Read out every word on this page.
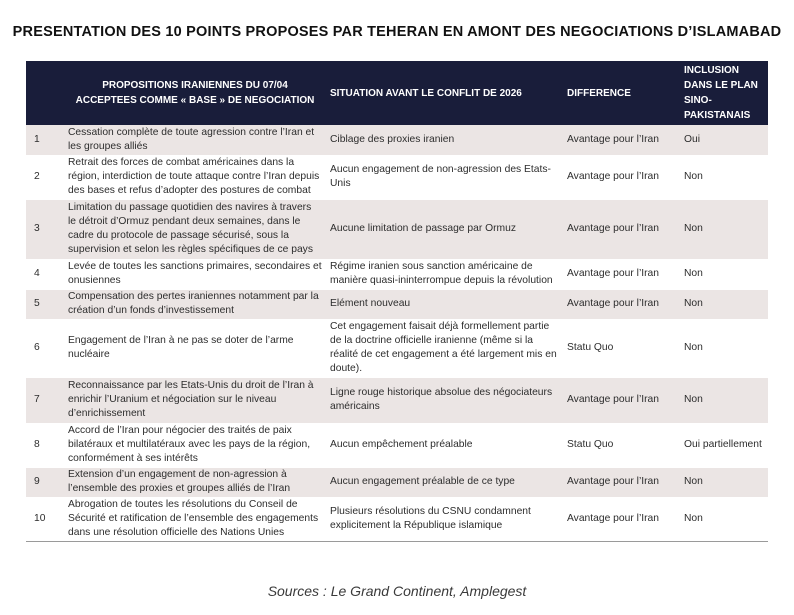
PRESENTATION DES 10 POINTS PROPOSES PAR TEHERAN EN AMONT DES NEGOCIATIONS D’ISLAMABAD
	PROPOSITIONS IRANIENNES DU 07/04 ACCEPTEES COMME « BASE » DE NEGOCIATION	SITUATION AVANT LE CONFLIT DE 2026	DIFFERENCE	INCLUSION DANS LE PLAN SINO-PAKISTANAIS
1	Cessation complète de toute agression contre l’Iran et les groupes alliés	Ciblage des proxies iranien	Avantage pour l’Iran	Oui
2	Retrait des forces de combat américaines dans la région, interdiction de toute attaque contre l’Iran depuis des bases et refus d’adopter des postures de combat	Aucun engagement de non-agression des Etats-Unis	Avantage pour l’Iran	Non
3	Limitation du passage quotidien des navires à travers le détroit d’Ormuz pendant deux semaines, dans le cadre du protocole de passage sécurisé, sous la supervision et selon les règles spécifiques de ce pays	Aucune limitation de passage par Ormuz	Avantage pour l’Iran	Non
4	Levée de toutes les sanctions primaires, secondaires et onusiennes	Régime iranien sous sanction américaine de manière quasi-ininterrompue depuis la révolution	Avantage pour l’Iran	Non
5	Compensation des pertes iraniennes notamment par la création d’un fonds d’investissement	Elément nouveau	Avantage pour l’Iran	Non
6	Engagement de l’Iran à ne pas se doter de l’arme nucléaire	Cet engagement faisait déjà formellement partie de la doctrine officielle iranienne (même si la réalité de cet engagement a été largement mis en doute).	Statu Quo	Non
7	Reconnaissance par les Etats-Unis du droit de l’Iran à enrichir l’Uranium et négociation sur le niveau d’enrichissement	Ligne rouge historique absolue des négociateurs américains	Avantage pour l’Iran	Non
8	Accord de l’Iran pour négocier des traités de paix bilatéraux et multilatéraux avec les pays de la région, conformément à ses intérêts	Aucun empêchement préalable	Statu Quo	Oui partiellement
9	Extension d’un engagement de non-agression à l’ensemble des proxies et groupes alliés de l’Iran	Aucun engagement préalable de ce type	Avantage pour l’Iran	Non
10	Abrogation de toutes les résolutions du Conseil de Sécurité et ratification de l’ensemble des engagements dans une résolution officielle des Nations Unies	Plusieurs résolutions du CSNU condamnent explicitement la République islamique	Avantage pour l’Iran	Non
Sources : Le Grand Continent, Amplegest
